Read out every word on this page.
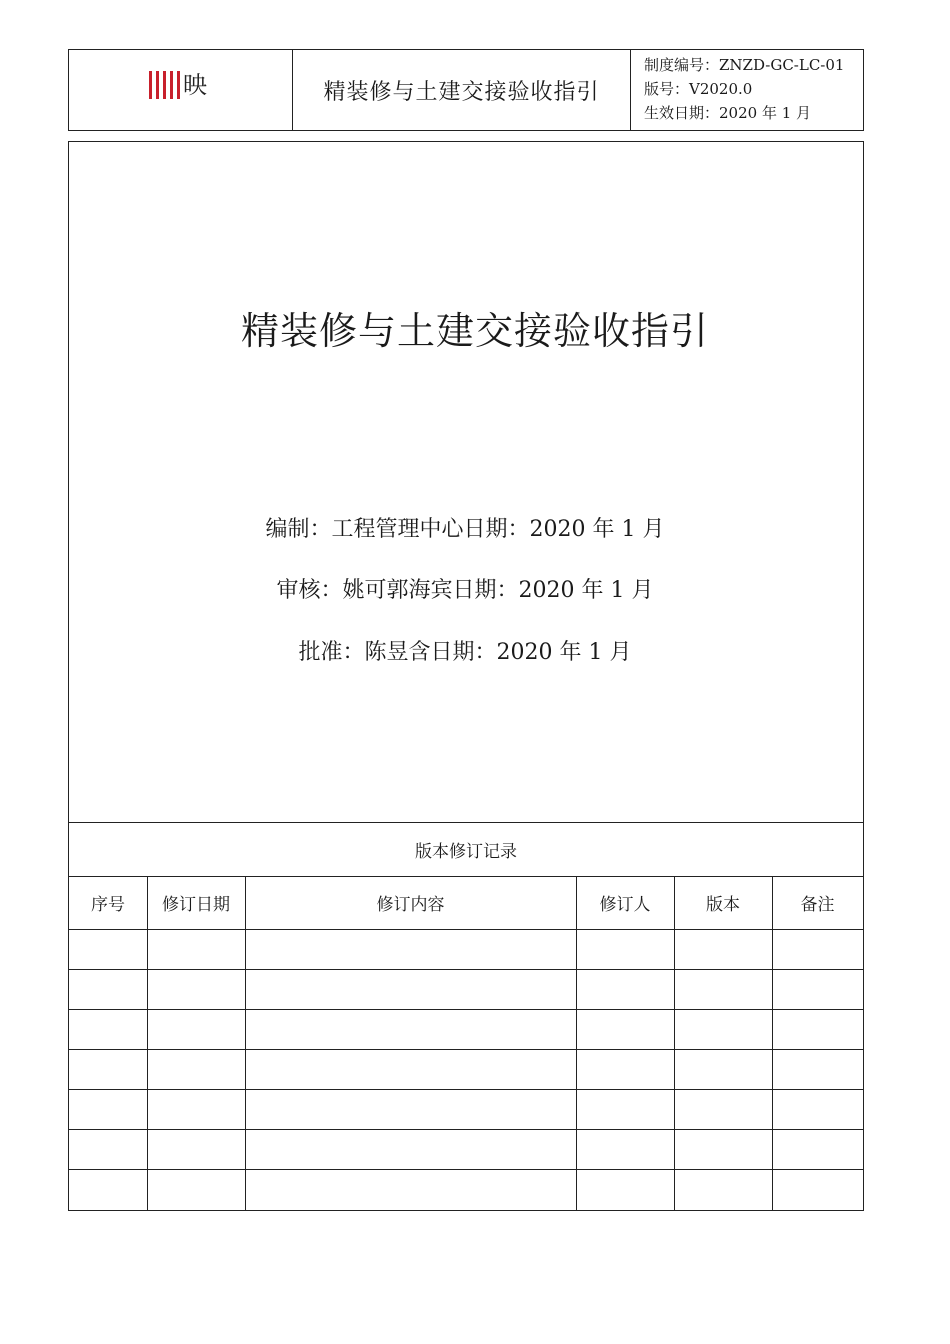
映	精装修与土建交接验收指引
制度编号：ZNZD-GC-LC-01
版号：V2020.0
生效日期：2020 年 1 月
精装修与土建交接验收指引
编制：工程管理中心日期：2020 年 1 月
审核：姚可郭海宾日期：2020 年 1 月
批准：陈昱含日期：2020 年 1 月
版本修订记录
序号	修订日期	修订内容	修订人	版本	备注
